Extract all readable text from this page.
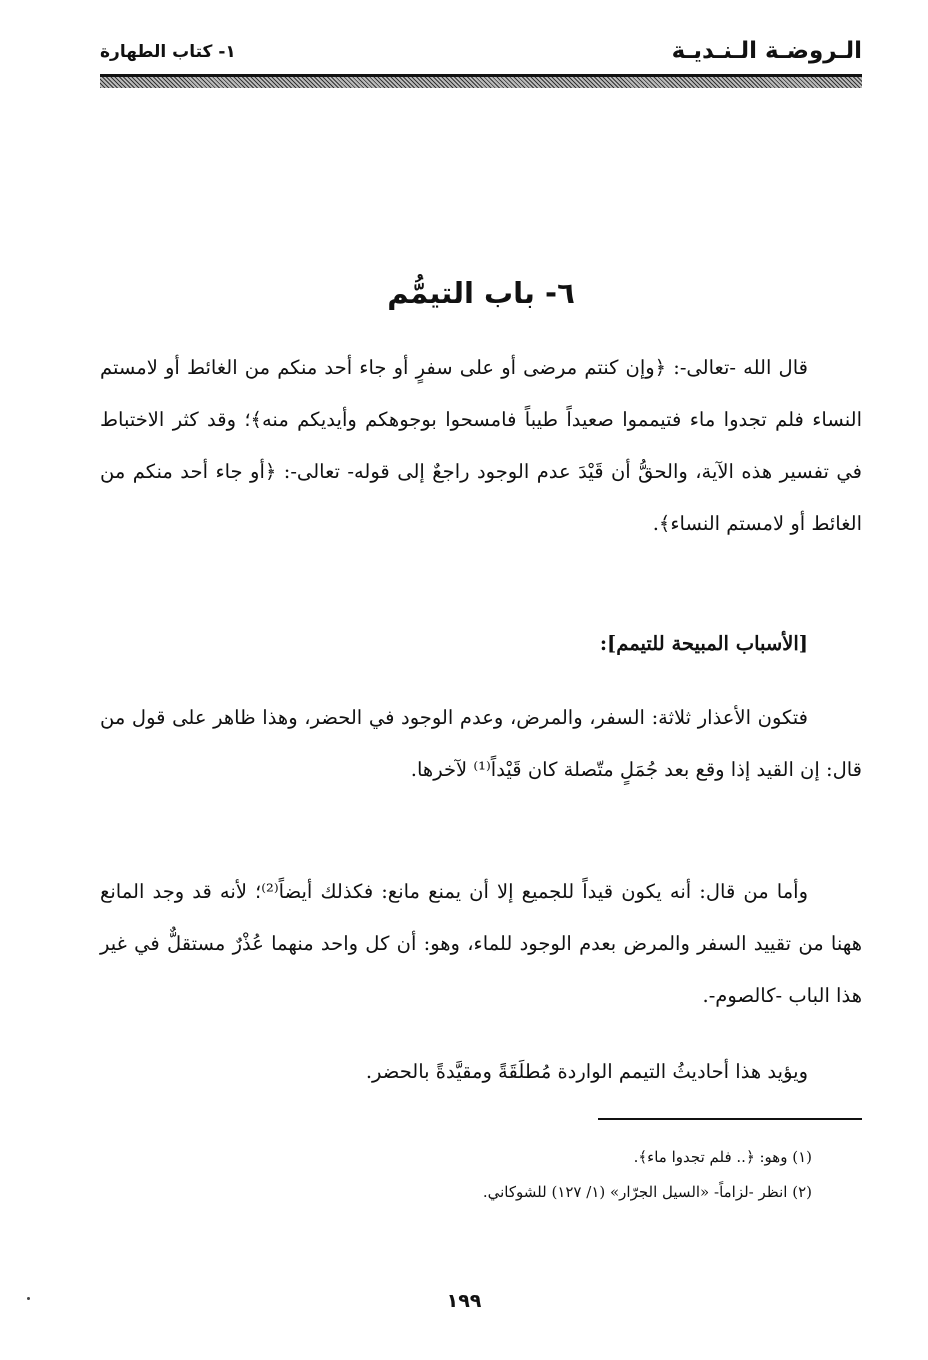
الـروضـة الـنـديـة
١- كتاب الطهارة
٦- باب التيمُّم
قال الله -تعالى-: ﴿وإن كنتم مرضى أو على سفرٍ أو جاء أحد منكم من الغائط أو لامستم النساء فلم تجدوا ماء فتيمموا صعيداً طيباً فامسحوا بوجوهكم وأيديكم منه﴾؛ وقد كثر الاختباط في تفسير هذه الآية، والحقُّ أن قَيْدَ عدم الوجود راجعٌ إلى قوله- تعالى-: ﴿أو جاء أحد منكم من الغائط أو لامستم النساء﴾.
[الأسباب المبيحة للتيمم]:
فتكون الأعذار ثلاثة: السفر، والمرض، وعدم الوجود في الحضر، وهذا ظاهر على قول من قال: إن القيد إذا وقع بعد جُمَلٍ متّصلة كان قَيْداً⁽¹⁾ لآخرها.
وأما من قال: أنه يكون قيداً للجميع إلا أن يمنع مانع: فكذلك أيضاً⁽²⁾؛ لأنه قد وجد المانع ههنا من تقييد السفر والمرض بعدم الوجود للماء، وهو: أن كل واحد منهما عُذْرٌ مستقلٌّ في غير هذا الباب -كالصوم-.
ويؤيد هذا أحاديثُ التيمم الواردة مُطلَقَةً ومقيَّدةً بالحضر.
(١) وهو: ﴿.. فلم تجدوا ماء﴾.
(٢) انظر -لزاماً- «السيل الجرّار» (١/ ١٢٧) للشوكاني.
١٩٩
